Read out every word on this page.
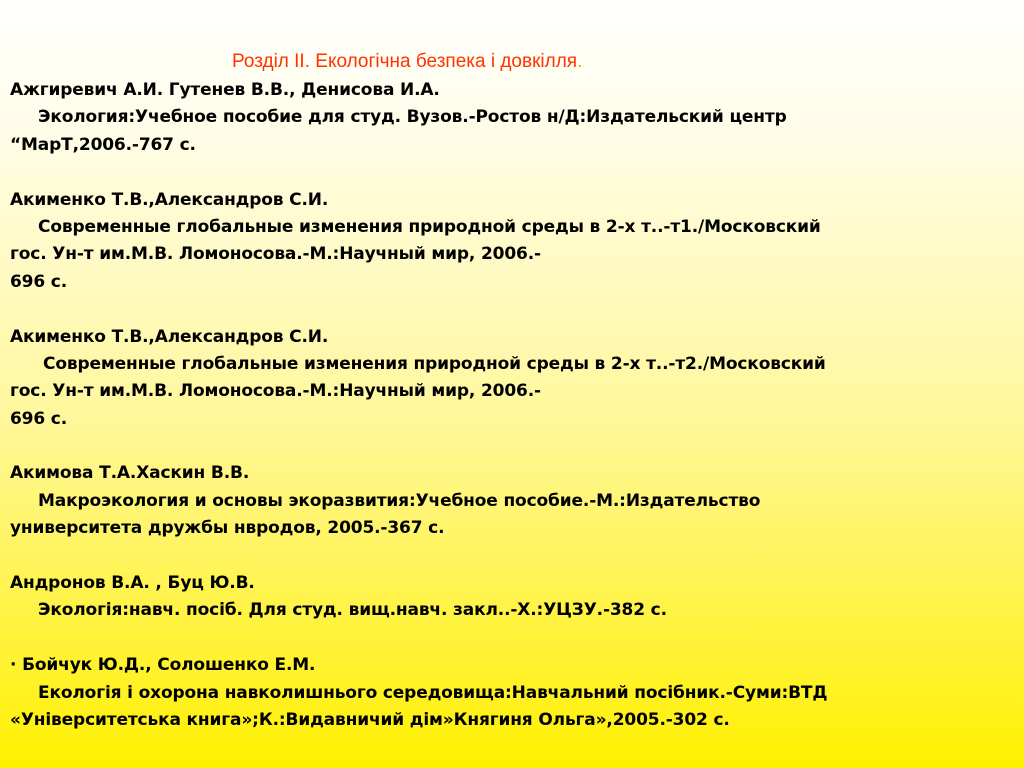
Розділ ІІ. Екологічна безпека і довкілля.
Ажгиревич А.И. Гутенев В.В., Денисова И.А.
Экология:Учебное пособие для студ. Вузов.-Ростов н/Д:Издательский центр
“МарТ,2006.-767 с.
Акименко Т.В.,Александров С.И.
Современные глобальные изменения природной среды в 2-х т..-т1./Московский
гос. Ун-т им.М.В. Ломоносова.-М.:Научный мир, 2006.-
696 с.
Акименко Т.В.,Александров С.И.
Современные глобальные изменения природной среды в 2-х т..-т2./Московский
гос. Ун-т им.М.В. Ломоносова.-М.:Научный мир, 2006.-
696 с.
Акимова Т.А.Хаскин В.В.
Макроэкология и основы экоразвития:Учебное пособие.-М.:Издательство
университета дружбы нвродов, 2005.-367 с.
Андронов В.А. , Буц Ю.В.
Экологія:навч. посіб. Для студ. вищ.навч. закл..-Х.:УЦЗУ.-382 с.
· Бойчук Ю.Д., Солошенко Е.М.
Екологія і охорона навколишнього середовища:Навчальний посібник.-Суми:ВТД
«Університетська книга»;К.:Видавничий дім»Княгиня Ольга»,2005.-302 с.
